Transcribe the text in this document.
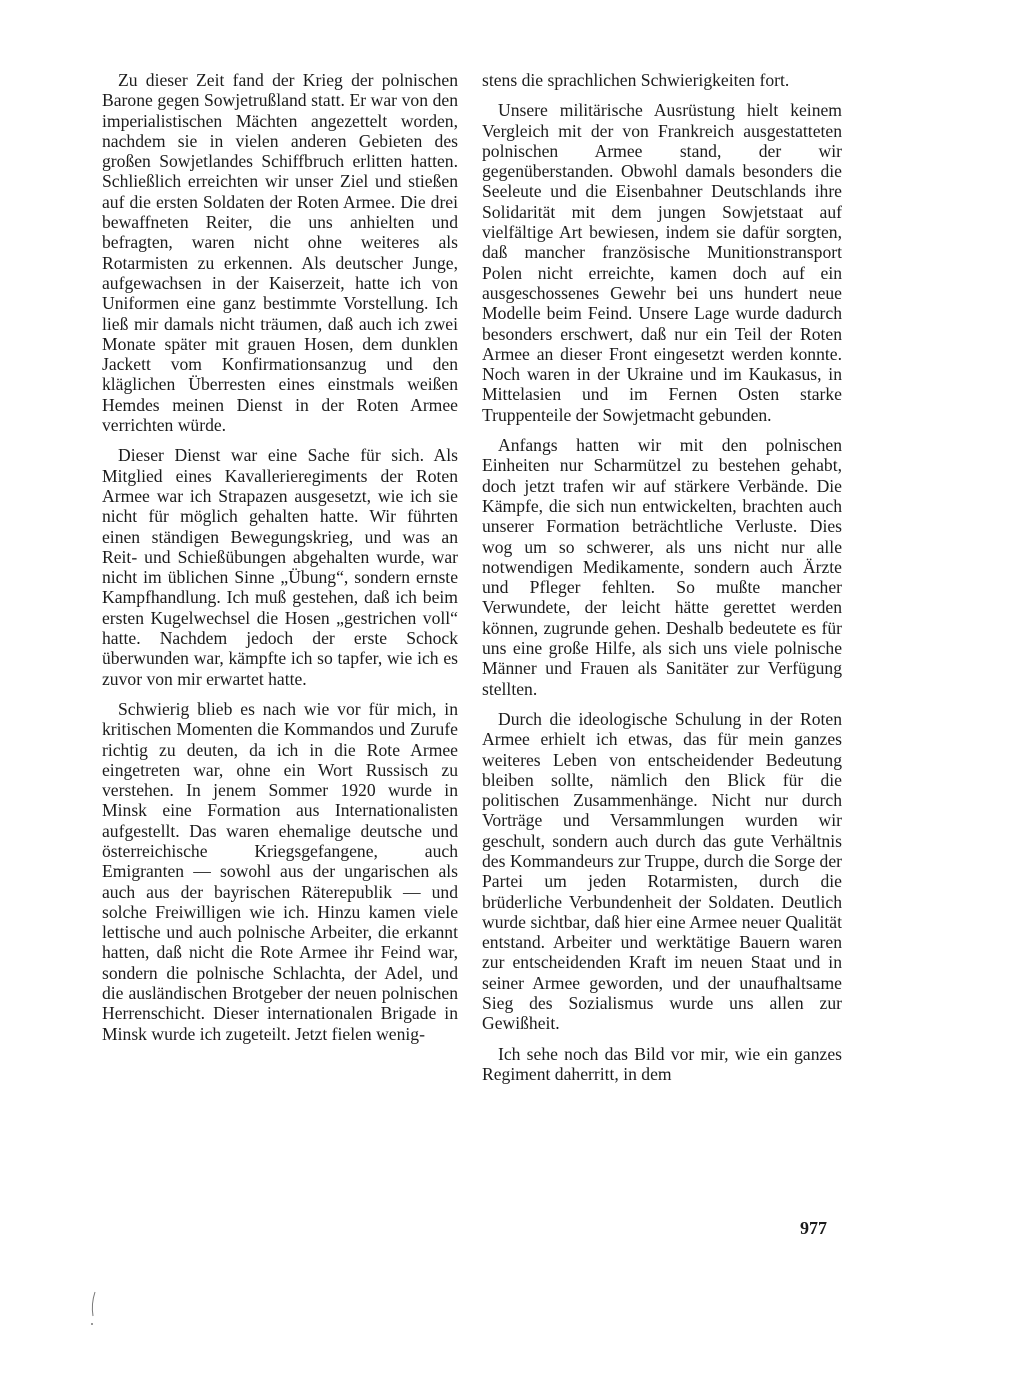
Zu dieser Zeit fand der Krieg der polnischen Barone gegen Sowjetrußland statt. Er war von den imperialistischen Mächten angezettelt worden, nachdem sie in vielen anderen Gebieten des großen Sowjetlandes Schiffbruch erlitten hatten. Schließlich erreichten wir unser Ziel und stießen auf die ersten Soldaten der Roten Armee. Die drei bewaffneten Reiter, die uns anhielten und befragten, waren nicht ohne weiteres als Rotarmisten zu erkennen. Als deutscher Junge, aufgewachsen in der Kaiserzeit, hatte ich von Uniformen eine ganz bestimmte Vorstellung. Ich ließ mir damals nicht träumen, daß auch ich zwei Monate später mit grauen Hosen, dem dunklen Jackett vom Konfirmationsanzug und den kläglichen Überresten eines einstmals weißen Hemdes meinen Dienst in der Roten Armee verrichten würde.

Dieser Dienst war eine Sache für sich. Als Mitglied eines Kavallerieregiments der Roten Armee war ich Strapazen ausgesetzt, wie ich sie nicht für möglich gehalten hatte. Wir führten einen ständigen Bewegungskrieg, und was an Reit- und Schießübungen abgehalten wurde, war nicht im üblichen Sinne „Übung“, sondern ernste Kampfhandlung. Ich muß gestehen, daß ich beim ersten Kugelwechsel die Hosen „gestrichen voll“ hatte. Nachdem jedoch der erste Schock überwunden war, kämpfte ich so tapfer, wie ich es zuvor von mir erwartet hatte.

Schwierig blieb es nach wie vor für mich, in kritischen Momenten die Kommandos und Zurufe richtig zu deuten, da ich in die Rote Armee eingetreten war, ohne ein Wort Russisch zu verstehen. In jenem Sommer 1920 wurde in Minsk eine Formation aus Internationalisten aufgestellt. Das waren ehemalige deutsche und österreichische Kriegsgefangene, auch Emigranten — sowohl aus der ungarischen als auch aus der bayrischen Räterepublik — und solche Freiwilligen wie ich. Hinzu kamen viele lettische und auch polnische Arbeiter, die erkannt hatten, daß nicht die Rote Armee ihr Feind war, sondern die polnische Schlachta, der Adel, und die ausländischen Brotgeber der neuen polnischen Herrenschicht. Dieser internationalen Brigade in Minsk wurde ich zugeteilt. Jetzt fielen wenig-

stens die sprachlichen Schwierigkeiten fort.

Unsere militärische Ausrüstung hielt keinem Vergleich mit der von Frankreich ausgestatteten polnischen Armee stand, der wir gegenüberstanden. Obwohl damals besonders die Seeleute und die Eisenbahner Deutschlands ihre Solidarität mit dem jungen Sowjetstaat auf vielfältige Art bewiesen, indem sie dafür sorgten, daß mancher französische Munitionstransport Polen nicht erreichte, kamen doch auf ein ausgeschossenes Gewehr bei uns hundert neue Modelle beim Feind. Unsere Lage wurde dadurch besonders erschwert, daß nur ein Teil der Roten Armee an dieser Front eingesetzt werden konnte. Noch waren in der Ukraine und im Kaukasus, in Mittelasien und im Fernen Osten starke Truppenteile der Sowjetmacht gebunden.

Anfangs hatten wir mit den polnischen Einheiten nur Scharmützel zu bestehen gehabt, doch jetzt trafen wir auf stärkere Verbände. Die Kämpfe, die sich nun entwickelten, brachten auch unserer Formation beträchtliche Verluste. Dies wog um so schwerer, als uns nicht nur alle notwendigen Medikamente, sondern auch Ärzte und Pfleger fehlten. So mußte mancher Verwundete, der leicht hätte gerettet werden können, zugrunde gehen. Deshalb bedeutete es für uns eine große Hilfe, als sich uns viele polnische Männer und Frauen als Sanitäter zur Verfügung stellten.

Durch die ideologische Schulung in der Roten Armee erhielt ich etwas, das für mein ganzes weiteres Leben von entscheidender Bedeutung bleiben sollte, nämlich den Blick für die politischen Zusammenhänge. Nicht nur durch Vorträge und Versammlungen wurden wir geschult, sondern auch durch das gute Verhältnis des Kommandeurs zur Truppe, durch die Sorge der Partei um jeden Rotarmisten, durch die brüderliche Verbundenheit der Soldaten. Deutlich wurde sichtbar, daß hier eine Armee neuer Qualität entstand. Arbeiter und werktätige Bauern waren zur entscheidenden Kraft im neuen Staat und in seiner Armee geworden, und der unaufhaltsame Sieg des Sozialismus wurde uns allen zur Gewißheit.

Ich sehe noch das Bild vor mir, wie ein ganzes Regiment daherritt, in dem

977
